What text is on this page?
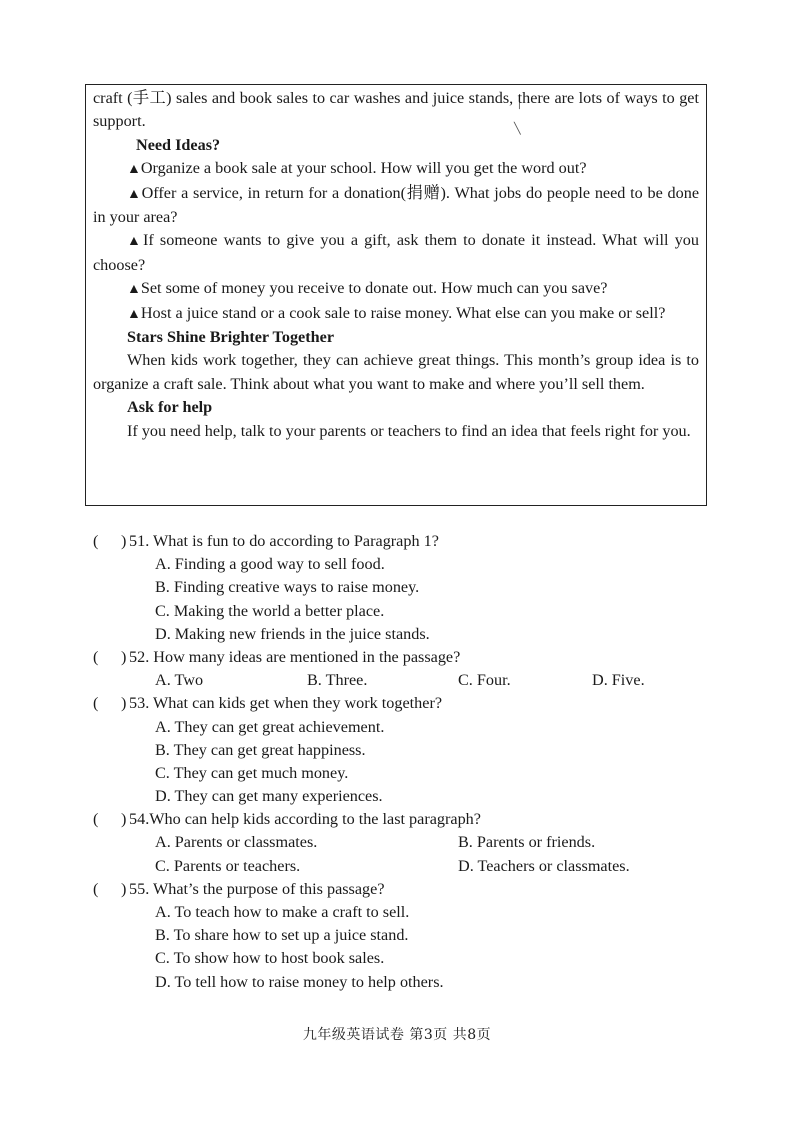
craft (手工) sales and book sales to car washes and juice stands, there are lots of ways to get support.

Need Ideas?

▲Organize a book sale at your school. How will you get the word out?

▲Offer a service, in return for a donation(捐赠). What jobs do people need to be done in your area?

▲If someone wants to give you a gift, ask them to donate it instead. What will you choose?

▲Set some of money you receive to donate out. How much can you save?

▲Host a juice stand or a cook sale to raise money. What else can you make or sell?

Stars Shine Brighter Together

When kids work together, they can achieve great things. This month’s group idea is to organize a craft sale. Think about what you want to make and where you’ll sell them.

Ask for help

If you need help, talk to your parents or teachers to find an idea that feels right for you.

╵
╲
( ) 51. What is fun to do according to Paragraph 1?
A. Finding a good way to sell food.
B. Finding creative ways to raise money.
C. Making the world a better place.
D. Making new friends in the juice stands.
( ) 52. How many ideas are mentioned in the passage?
A. Two	B. Three.	C. Four.	D. Five.
( ) 53. What can kids get when they work together?
A. They can get great achievement.
B. They can get great happiness.
C. They can get much money.
D. They can get many experiences.
( ) 54.Who can help kids according to the last paragraph?
A. Parents or classmates.	B. Parents or friends.
C. Parents or teachers.	D. Teachers or classmates.
( ) 55. What’s the purpose of this passage?
A. To teach how to make a craft to sell.
B. To share how to set up a juice stand.
C. To show how to host book sales.
D. To tell how to raise money to help others.
九年级英语试卷 第3页 共8页
